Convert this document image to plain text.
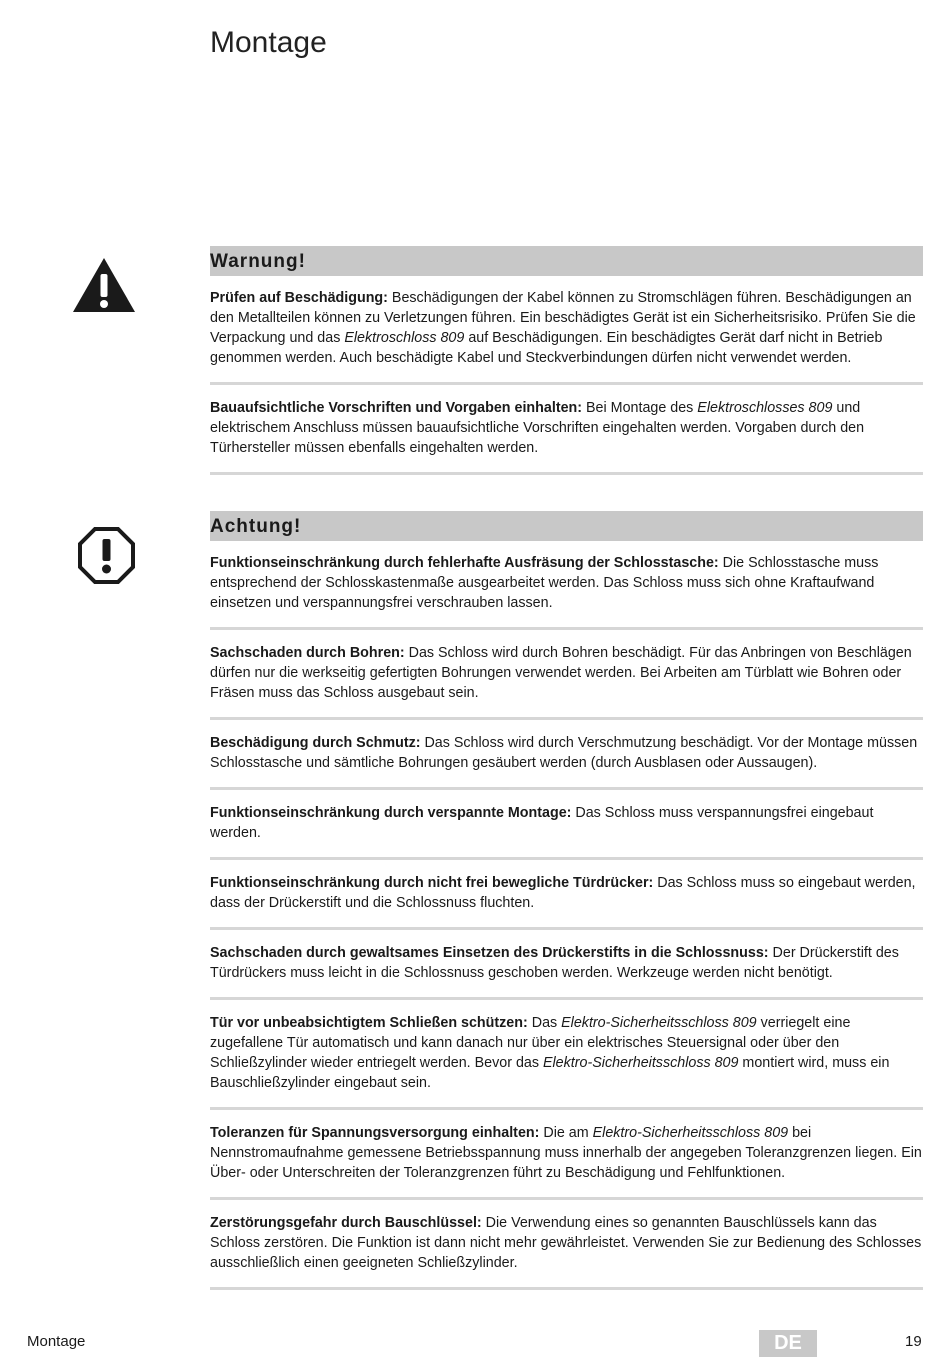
Montage
Warnung!
Prüfen auf Beschädigung: Beschädigungen der Kabel können zu Stromschlägen führen. Beschädigungen an den Metallteilen können zu Verletzungen führen. Ein beschädigtes Gerät ist ein Sicherheitsrisiko. Prüfen Sie die Verpackung und das Elektroschloss 809 auf Beschädigungen. Ein beschädigtes Gerät darf nicht in Betrieb genommen werden. Auch beschädigte Kabel und Steckverbindungen dürfen nicht verwendet werden.
Bauaufsichtliche Vorschriften und Vorgaben einhalten: Bei Montage des Elektroschlosses 809 und elektrischem Anschluss müssen bauaufsichtliche Vorschriften eingehalten werden. Vorgaben durch den Türhersteller müssen ebenfalls eingehalten werden.
Achtung!
Funktionseinschränkung durch fehlerhafte Ausfräsung der Schlosstasche: Die Schlosstasche muss entsprechend der Schlosskastenmaße ausgearbeitet werden. Das Schloss muss sich ohne Kraftaufwand einsetzen und verspannungsfrei verschrauben lassen.
Sachschaden durch Bohren: Das Schloss wird durch Bohren beschädigt. Für das Anbringen von Beschlägen dürfen nur die werkseitig gefertigten Bohrungen verwendet werden. Bei Arbeiten am Türblatt wie Bohren oder Fräsen muss das Schloss ausgebaut sein.
Beschädigung durch Schmutz: Das Schloss wird durch Verschmutzung beschädigt. Vor der Montage müssen Schlosstasche und sämtliche Bohrungen gesäubert werden (durch Ausblasen oder Aussaugen).
Funktionseinschränkung durch verspannte Montage: Das Schloss muss verspannungsfrei eingebaut werden.
Funktionseinschränkung durch nicht frei bewegliche Türdrücker: Das Schloss muss so eingebaut werden, dass der Drückerstift und die Schlossnuss fluchten.
Sachschaden durch gewaltsames Einsetzen des Drückerstifts in die Schlossnuss: Der Drückerstift des Türdrückers muss leicht in die Schlossnuss geschoben werden. Werkzeuge werden nicht benötigt.
Tür vor unbeabsichtigtem Schließen schützen: Das Elektro-Sicherheitsschloss 809 verriegelt eine zugefallene Tür automatisch und kann danach nur über ein elektrisches Steuersignal oder über den Schließzylinder wieder entriegelt werden. Bevor das Elektro-Sicherheitsschloss 809 montiert wird, muss ein Bauschließzylinder eingebaut sein.
Toleranzen für Spannungsversorgung einhalten: Die am Elektro-Sicherheitsschloss 809 bei Nennstromaufnahme gemessene Betriebsspannung muss innerhalb der angegeben Toleranzgrenzen liegen. Ein Über- oder Unterschreiten der Toleranzgrenzen führt zu Beschädigung und Fehlfunktionen.
Zerstörungsgefahr durch Bauschlüssel: Die Verwendung eines so genannten Bauschlüssels kann das Schloss zerstören. Die Funktion ist dann nicht mehr gewährleistet. Verwenden Sie zur Bedienung des Schlosses ausschließlich einen geeigneten Schließzylinder.
Montage	DE	19
